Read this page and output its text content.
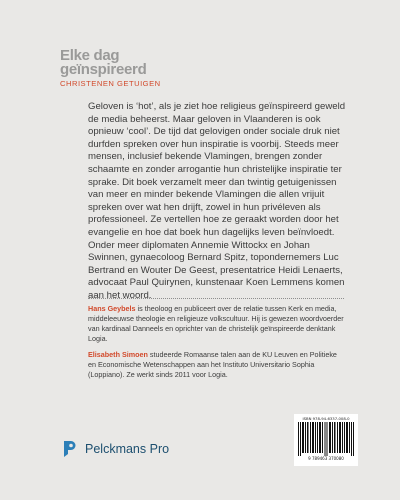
Elke dag
geïnspireerd
CHRISTENEN GETUIGEN

Geloven is ‘hot’, als je ziet hoe religieus geïnspireerd geweld de media beheerst. Maar geloven in Vlaanderen is ook opnieuw ‘cool’. De tijd dat gelovigen onder sociale druk niet durfden spreken over hun inspiratie is voorbij. Steeds meer mensen, inclusief bekende Vlamingen, brengen zonder schaamte en zonder arrogantie hun christelijke inspiratie ter sprake. Dit boek verzamelt meer dan twintig getuigenissen van meer en minder bekende Vlamingen die allen vrijuit spreken over wat hen drijft, zowel in hun privéleven als professioneel. Ze vertellen hoe ze geraakt worden door het evangelie en hoe dat boek hun dagelijks leven beïnvloedt.

Onder meer diplomaten Annemie Wittockx en Johan Swinnen, gynaecoloog Bernard Spitz, topondernemers Luc Bertrand en Wouter De Geest, presentatrice Heidi Lenaerts, advocaat Paul Quirynen, kunstenaar Koen Lemmens komen aan het woord.

Hans Geybels is theoloog en publiceert over de relatie tussen Kerk en media, middeleeuwse theologie en religieuze volkscultuur. Hij is gewezen woordvoerder van kardinaal Danneels en oprichter van de christelijk geïnspireerde denktank Logia.
Elisabeth Simoen studeerde Romaanse talen aan de KU Leuven en Politieke en Economische Wetenschappen aan het Instituto Universitario Sophia (Loppiano). Ze werkt sinds 2011 voor Logia.
ISBN 978-94-6337-008-0
9 789463 370080
Pelckmans Pro
